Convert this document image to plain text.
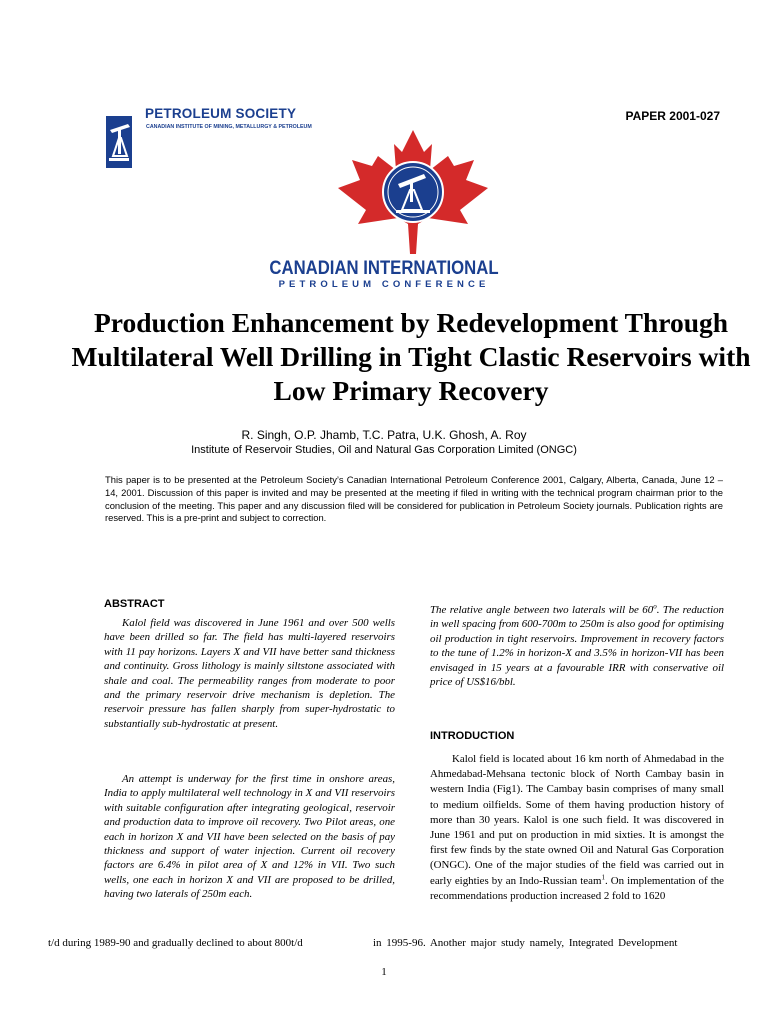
PETROLEUM SOCIETY
CANADIAN INSTITUTE OF MINING, METALLURGY & PETROLEUM
PAPER 2001-027
CANADIAN INTERNATIONAL
PETROLEUM CONFERENCE
Production Enhancement by Redevelopment Through Multilateral Well Drilling in Tight Clastic Reservoirs with Low Primary Recovery
R. Singh, O.P. Jhamb, T.C. Patra, U.K. Ghosh, A. Roy
Institute of Reservoir Studies, Oil and Natural Gas Corporation Limited (ONGC)
This paper is to be presented at the Petroleum Society’s Canadian International Petroleum Conference 2001, Calgary, Alberta, Canada, June 12 – 14, 2001. Discussion of this paper is invited and may be presented at the meeting if filed in writing with the technical program chairman prior to the conclusion of the meeting. This paper and any discussion filed will be considered for publication in Petroleum Society journals. Publication rights are reserved. This is a pre-print and subject to correction.
ABSTRACT

Kalol field was discovered in June 1961 and over 500 wells have been drilled so far. The field has multi-layered reservoirs with 11 pay horizons. Layers X and VII have better sand thickness and continuity. Gross lithology is mainly siltstone associated with shale and coal. The permeability ranges from moderate to poor and the primary reservoir drive mechanism is depletion. The reservoir pressure has fallen sharply from super-hydrostatic to substantially sub-hydrostatic at present.

An attempt is underway for the first time in onshore areas, India to apply multilateral well technology in X and VII reservoirs with suitable configuration after integrating geological, reservoir and production data to improve oil recovery. Two Pilot areas, one each in horizon X and VII have been selected on the basis of pay thickness and support of water injection. Current oil recovery factors are 6.4% in pilot area of X and 12% in VII. Two such wells, one each in horizon X and VII are proposed to be drilled, having two laterals of 250m each.

The relative angle between two laterals will be 60$^o$. The reduction in well spacing from 600-700m to 250m is also good for optimising oil production in tight reservoirs. Improvement in recovery factors to the tune of 1.2% in horizon-X and 3.5% in horizon-VII has been envisaged in 15 years at a favourable IRR with conservative oil price of US$16/bbl.

INTRODUCTION

Kalol field is located about 16 km north of Ahmedabad in the Ahmedabad-Mehsana tectonic block of North Cambay basin in western India (Fig1). The Cambay basin comprises of many small to medium oilfields. Some of them having production history of more than 30 years. Kalol is one such field. It was discovered in June 1961 and put on production in mid sixties. It is amongst the first few finds by the state owned Oil and Natural Gas Corporation (ONGC). One of the major studies of the field was carried out in early eighties by an Indo-Russian team$^1$. On implementation of the recommendations production increased 2 fold to 1620

t/d during 1989-90 and gradually declined to about 800t/d	in 1995-96. Another major study namely, Integrated Development
1
